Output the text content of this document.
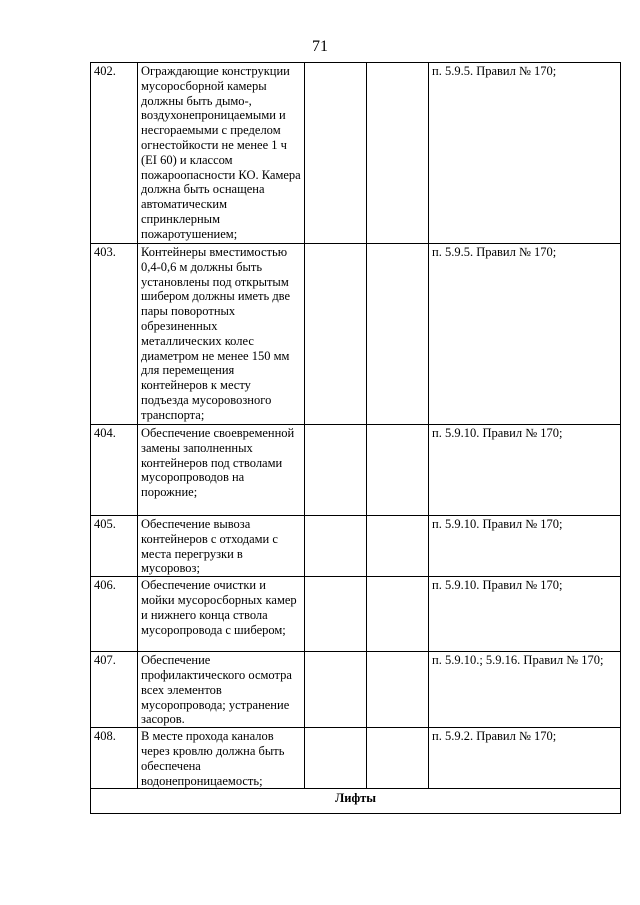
71
402.	Ограждающие конструкции мусоросборной камеры должны быть дымо-, воздухонепроницаемыми и несгораемыми с пределом огнестойкости не менее 1 ч (EI 60) и классом пожароопасности КО. Камера должна быть оснащена автоматическим спринклерным пожаротушением;			п. 5.9.5. Правил № 170;
403.	Контейнеры вместимостью 0,4-0,6 м должны быть установлены под открытым шибером должны иметь две пары поворотных обрезиненных металлических колес диаметром не менее 150 мм для перемещения контейнеров к месту подъезда мусоровозного транспорта;			п. 5.9.5. Правил № 170;
404.	Обеспечение своевременной замены заполненных контейнеров под стволами мусоропроводов на порожние;			п. 5.9.10. Правил № 170;
405.	Обеспечение вывоза контейнеров с отходами с места перегрузки в мусоровоз;			п. 5.9.10. Правил № 170;
406.	Обеспечение очистки и мойки мусоросборных камер и нижнего конца ствола мусоропровода с шибером;			п. 5.9.10. Правил № 170;
407.	Обеспечение профилактического осмотра всех элементов мусоропровода; устранение засоров.			п. 5.9.10.; 5.9.16. Правил № 170;
408.	В месте прохода каналов через кровлю должна быть обеспечена водонепроницаемость;			п. 5.9.2. Правил № 170;
Лифты				
